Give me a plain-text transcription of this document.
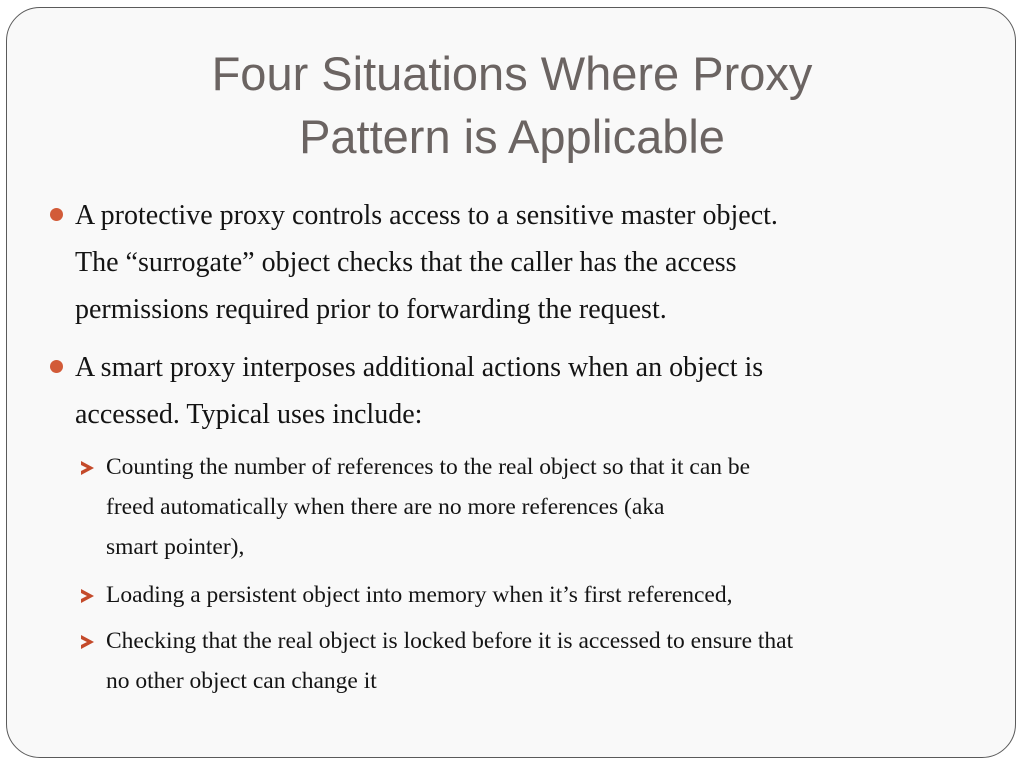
Four Situations Where Proxy
Pattern is Applicable
A protective proxy controls access to a sensitive master object.
The “surrogate” object checks that the caller has the access
permissions required prior to forwarding the request.
A smart proxy interposes additional actions when an object is
accessed. Typical uses include:
Counting the number of references to the real object so that it can be
freed automatically when there are no more references (aka
smart pointer),
Loading a persistent object into memory when it’s first referenced,
Checking that the real object is locked before it is accessed to ensure that
no other object can change it
